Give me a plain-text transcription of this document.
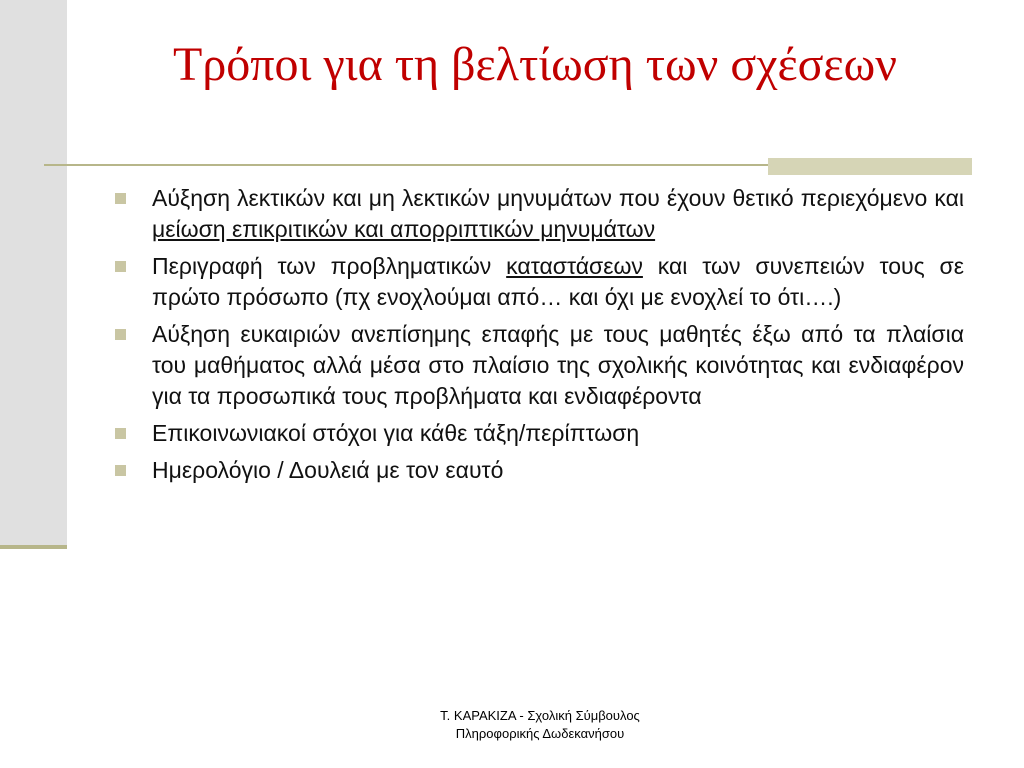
Τρόποι για τη βελτίωση των σχέσεων
Αύξηση λεκτικών και μη λεκτικών μηνυμάτων που έχουν θετικό περιεχόμενο και μείωση επικριτικών και απορριπτικών μηνυμάτων
Περιγραφή των προβληματικών καταστάσεων και των συνεπειών τους σε πρώτο πρόσωπο (πχ ενοχλούμαι από… και όχι με ενοχλεί το ότι….)
Αύξηση ευκαιριών ανεπίσημης επαφής με τους μαθητές έξω από τα πλαίσια του μαθήματος αλλά μέσα στο πλαίσιο της σχολικής κοινότητας και ενδιαφέρον για τα προσωπικά τους προβλήματα και ενδιαφέροντα
Επικοινωνιακοί στόχοι για κάθε τάξη/περίπτωση
Ημερολόγιο / Δουλειά με τον εαυτό
Τ. ΚΑΡΑΚΙΖΑ - Σχολική Σύμβουλος
Πληροφορικής Δωδεκανήσου
